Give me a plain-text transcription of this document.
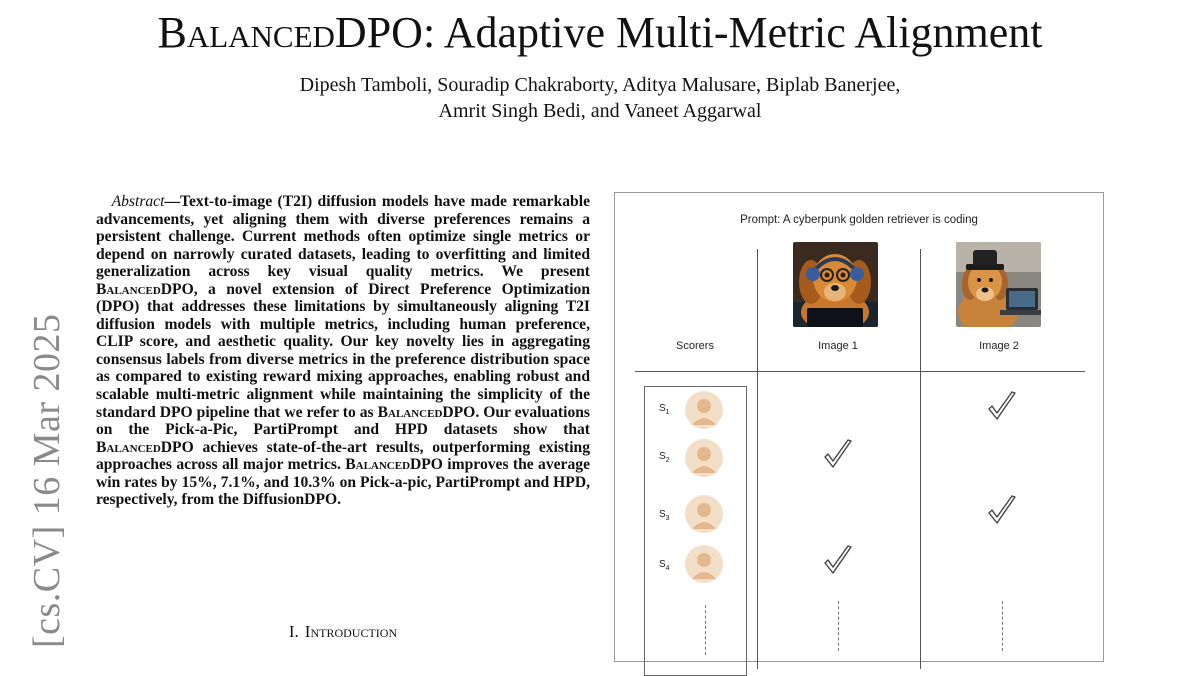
BalancedDPO: Adaptive Multi-Metric Alignment
Dipesh Tamboli, Souradip Chakraborty, Aditya Malusare, Biplab Banerjee,
Amrit Singh Bedi, and Vaneet Aggarwal
[cs.CV] 16 Mar 2025

Abstract—Text-to-image (T2I) diffusion models have made remarkable advancements, yet aligning them with diverse preferences remains a persistent challenge. Current methods often optimize single metrics or depend on narrowly curated datasets, leading to overfitting and limited generalization across key visual quality metrics. We present BalancedDPO, a novel extension of Direct Preference Optimization (DPO) that addresses these limitations by simultaneously aligning T2I diffusion models with multiple metrics, including human preference, CLIP score, and aesthetic quality. Our key novelty lies in aggregating consensus labels from diverse metrics in the preference distribution space as compared to existing reward mixing approaches, enabling robust and scalable multi-metric alignment while maintaining the simplicity of the standard DPO pipeline that we refer to as BalancedDPO. Our evaluations on the Pick-a-Pic, PartiPrompt and HPD datasets show that BalancedDPO achieves state-of-the-art results, outperforming existing approaches across all major metrics. BalancedDPO improves the average win rates by 15%, 7.1%, and 10.3% on Pick-a-pic, PartiPrompt and HPD, respectively, from the DiffusionDPO.

I. Introduction
Prompt: A cyberpunk golden retriever is coding
Scorers	Image 1	Image 2
$S_1$
$S_2$
$S_3$
$S_4$
